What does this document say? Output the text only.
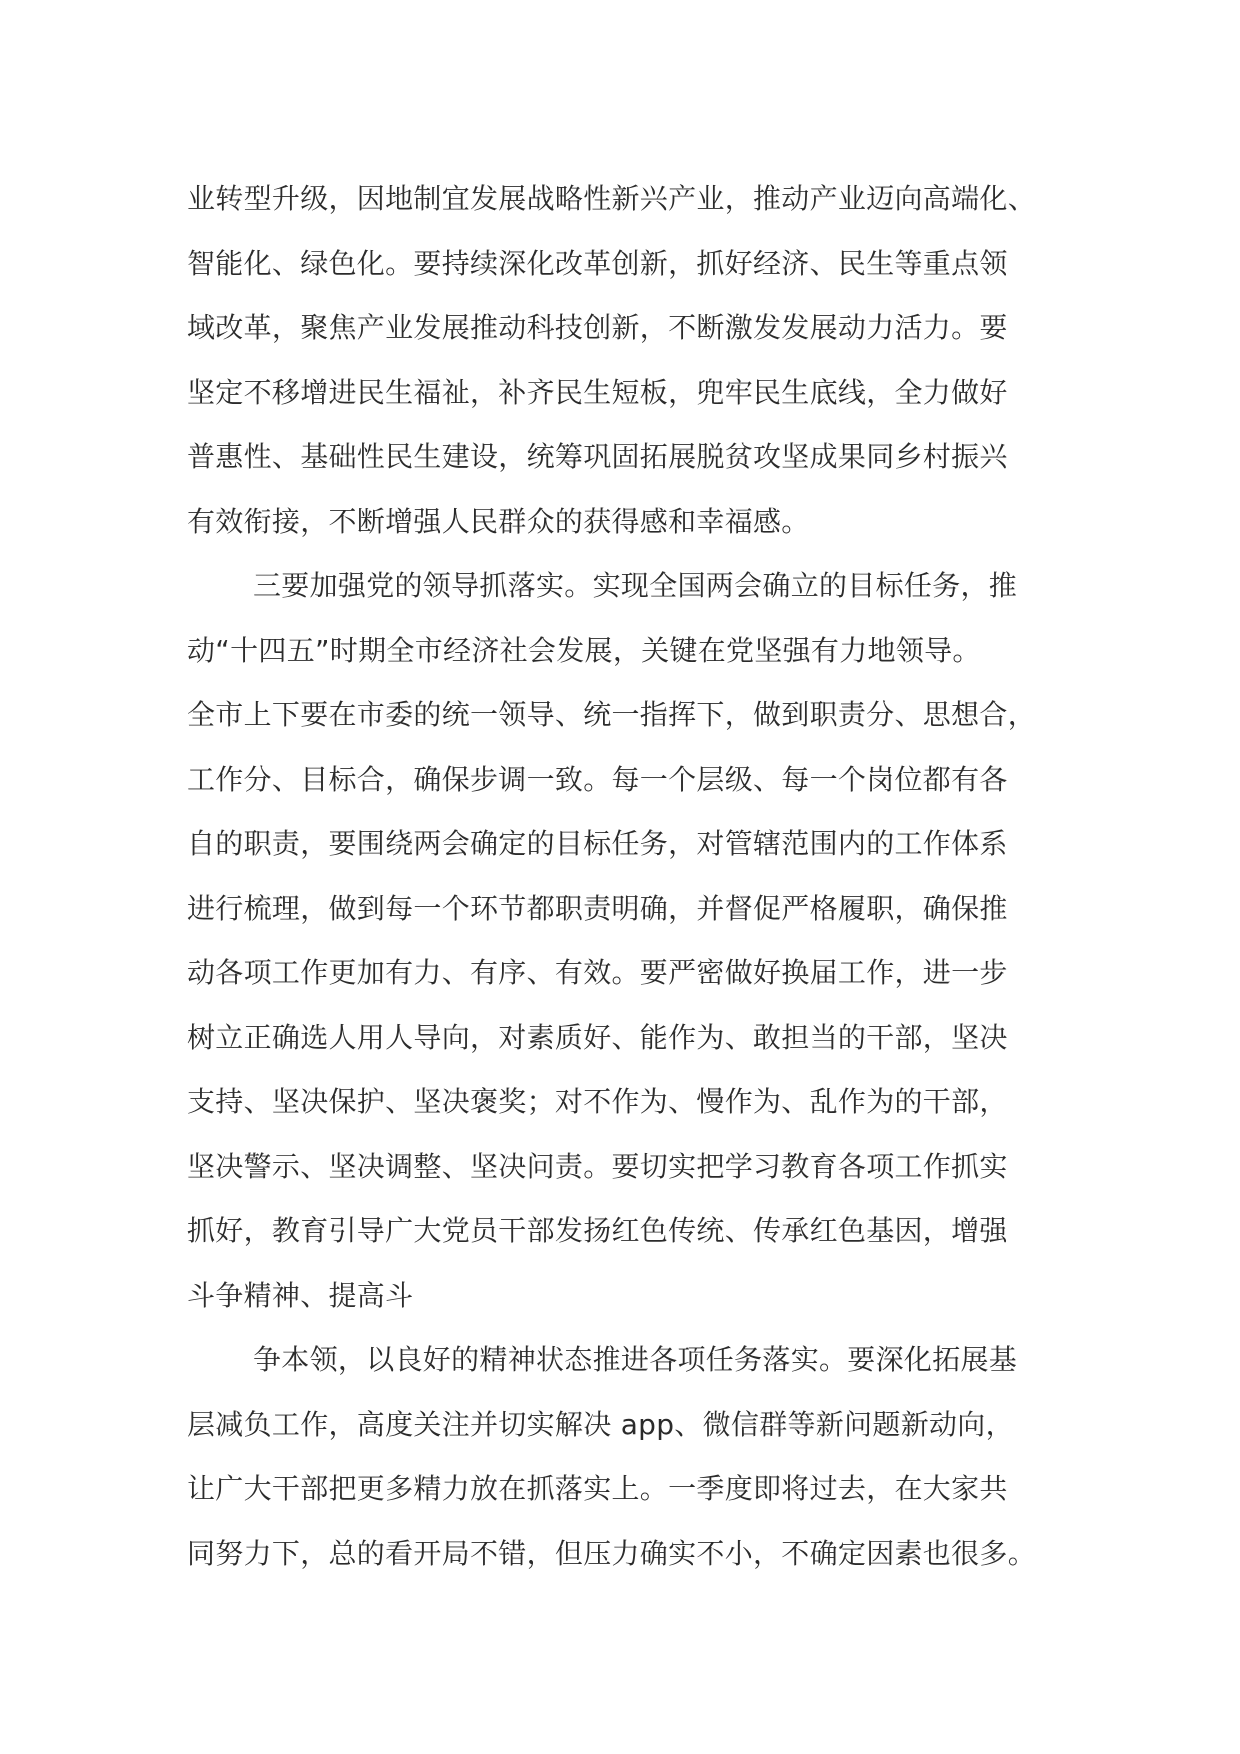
业转型升级，因地制宜发展战略性新兴产业，推动产业迈向高端化、
智能化、绿色化。要持续深化改革创新，抓好经济、民生等重点领
域改革，聚焦产业发展推动科技创新，不断激发发展动力活力。要
坚定不移增进民生福祉，补齐民生短板，兜牢民生底线，全力做好
普惠性、基础性民生建设，统筹巩固拓展脱贫攻坚成果同乡村振兴
有效衔接，不断增强人民群众的获得感和幸福感。
三要加强党的领导抓落实。实现全国两会确立的目标任务，推
动“十四五”时期全市经济社会发展，关键在党坚强有力地领导。
全市上下要在市委的统一领导、统一指挥下，做到职责分、思想合，
工作分、目标合，确保步调一致。每一个层级、每一个岗位都有各
自的职责，要围绕两会确定的目标任务，对管辖范围内的工作体系
进行梳理，做到每一个环节都职责明确，并督促严格履职，确保推
动各项工作更加有力、有序、有效。要严密做好换届工作，进一步
树立正确选人用人导向，对素质好、能作为、敢担当的干部，坚决
支持、坚决保护、坚决褒奖；对不作为、慢作为、乱作为的干部，
坚决警示、坚决调整、坚决问责。要切实把学习教育各项工作抓实
抓好，教育引导广大党员干部发扬红色传统、传承红色基因，增强
斗争精神、提高斗
争本领，以良好的精神状态推进各项任务落实。要深化拓展基
层减负工作，高度关注并切实解决 app、微信群等新问题新动向，
让广大干部把更多精力放在抓落实上。一季度即将过去，在大家共
同努力下，总的看开局不错，但压力确实不小，不确定因素也很多。
